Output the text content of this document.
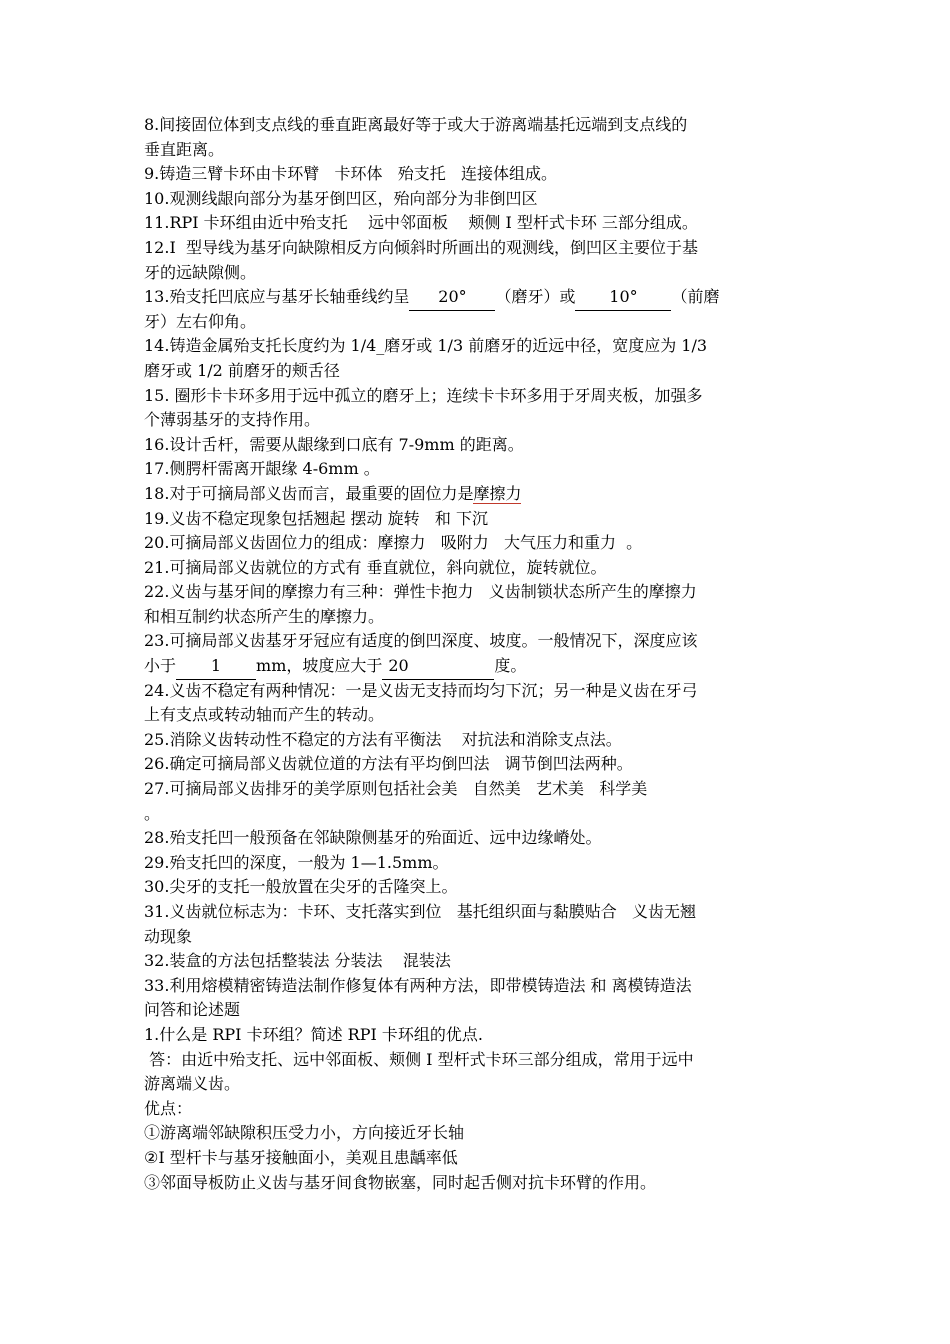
8.间接固位体到支点线的垂直距离最好等于或大于游离端基托远端到支点线的
垂直距离。
9.铸造三臂卡环由卡环臂   卡环体   殆支托   连接体组成。
10.观测线龈向部分为基牙倒凹区，殆向部分为非倒凹区
11.RPI 卡环组由近中殆支托    远中邻面板    颊侧 I 型杆式卡环 三部分组成。
12.I  型导线为基牙向缺隙相反方向倾斜时所画出的观测线，倒凹区主要位于基
牙的远缺隙侧。
13.殆支托凹底应与基牙长轴垂线约呈 20° （磨牙）或 10° （前磨
牙）左右仰角。
14.铸造金属殆支托长度约为 1/4_磨牙或 1/3 前磨牙的近远中径，宽度应为 1/3
磨牙或 1/2 前磨牙的颊舌径
15. 圈形卡卡环多用于远中孤立的磨牙上；连续卡卡环多用于牙周夹板，加强多
个薄弱基牙的支持作用。
16.设计舌杆，需要从龈缘到口底有 7-9mm 的距离。
17.侧腭杆需离开龈缘 4-6mm 。
18.对于可摘局部义齿而言，最重要的固位力是摩擦力
19.义齿不稳定现象包括翘起 摆动 旋转   和 下沉
20.可摘局部义齿固位力的组成：摩擦力   吸附力   大气压力和重力  。
21.可摘局部义齿就位的方式有 垂直就位，斜向就位，旋转就位。
22.义齿与基牙间的摩擦力有三种：弹性卡抱力   义齿制锁状态所产生的摩擦力
和相互制约状态所产生的摩擦力。
23.可摘局部义齿基牙牙冠应有适度的倒凹深度、坡度。一般情况下，深度应该
小于 1 mm，坡度应大于 20	度。
24.义齿不稳定有两种情况：一是义齿无支持而均匀下沉；另一种是义齿在牙弓
上有支点或转动轴而产生的转动。
25.消除义齿转动性不稳定的方法有平衡法    对抗法和消除支点法。
26.确定可摘局部义齿就位道的方法有平均倒凹法   调节倒凹法两种。
27.可摘局部义齿排牙的美学原则包括社会美   自然美   艺术美   科学美
。
28.殆支托凹一般预备在邻缺隙侧基牙的殆面近、远中边缘嵴处。
29.殆支托凹的深度，一般为 1—1.5mm。
30.尖牙的支托一般放置在尖牙的舌隆突上。
31.义齿就位标志为：卡环、支托落实到位   基托组织面与黏膜贴合   义齿无翘
动现象
32.装盒的方法包括整装法 分装法    混装法
33.利用熔模精密铸造法制作修复体有两种方法，即带模铸造法 和 离模铸造法
问答和论述题
1.什么是 RPI 卡环组？简述 RPI 卡环组的优点.
答：由近中殆支托、远中邻面板、颊侧 I 型杆式卡环三部分组成，常用于远中
游离端义齿。
优点：
①游离端邻缺隙积压受力小，方向接近牙长轴
②I 型杆卡与基牙接触面小，美观且患龋率低
③邻面导板防止义齿与基牙间食物嵌塞，同时起舌侧对抗卡环臂的作用。
